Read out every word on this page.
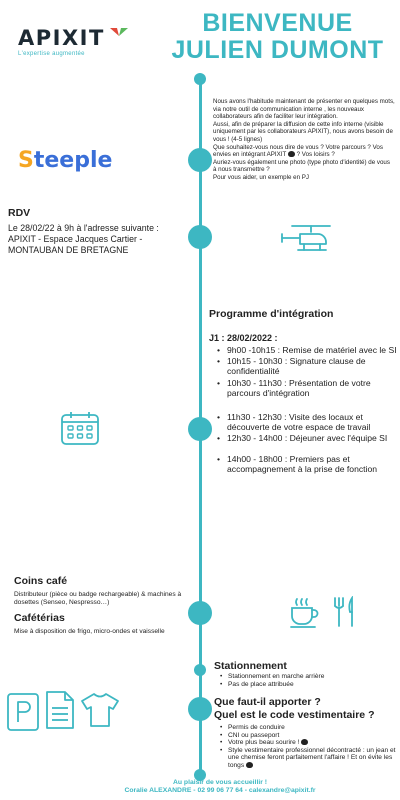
APIXIT
L'expertise augmentée
BIENVENUE
JULIEN DUMONT
Steeple
Nous avons l'habitude maintenant de présenter en quelques mots, via notre outil de communication interne , les nouveaux collaborateurs afin de faciliter leur intégration.
Aussi, afin de préparer la diffusion de cette info interne (visible uniquement par les collaborateurs APIXIT), nous avons besoin de vous ! (4-5 lignes)
Que souhaitez-vous nous dire de vous ? Votre parcours ? Vos envies en intégrant APIXIT ? Vos loisirs ?
Auriez-vous également une photo (type photo d'identité) de vous à nous transmettre ?
Pour vous aider, un exemple en PJ
RDV
Le 28/02/22 à 9h à l'adresse suivante :
APIXIT - Espace Jacques Cartier -
MONTAUBAN DE BRETAGNE
Programme d'intégration
J1 : 28/02/2022 :
• 9h00 -10h15 : Remise de matériel avec le SI
• 10h15 - 10h30 : Signature clause de confidentialité
• 10h30 - 11h30 : Présentation de votre parcours d'intégration
• 11h30 - 12h30 : Visite des locaux et découverte de votre espace de travail
• 12h30 - 14h00 : Déjeuner avec l'équipe SI
• 14h00 - 18h00 : Premiers pas et accompagnement à la prise de fonction
Coins café
Distributeur (pièce ou badge rechargeable) & machines à dosettes (Senseo, Nespresso…)
Cafétérias
Mise à disposition de frigo, micro-ondes et vaisselle
Stationnement
• Stationnement en marche arrière
• Pas de place attribuée
Que faut-il apporter ?
Quel est le code vestimentaire ?
• Permis de conduire
• CNI ou passeport
• Votre plus beau sourire !
• Style vestimentaire professionnel décontracté : un jean et une chemise feront parfaitement l'affaire ! Et on évite les tongs
Au plaisir de vous accueillir !
Coralie ALEXANDRE - 02 99 06 77 64 - calexandre@apixit.fr
